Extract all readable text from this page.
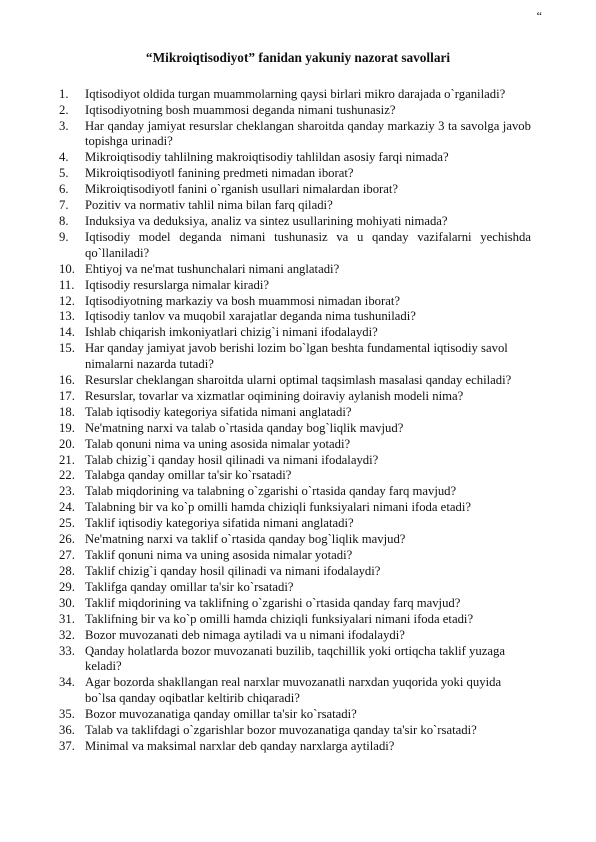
“
“Mikroiqtisodiyot” fanidan yakuniy nazorat savollari
1.	Iqtisodiyot oldida turgan muammolarning qaysi birlari mikro darajada o`rganiladi?
2.	Iqtisodiyotning bosh muammosi deganda nimani tushunasiz?
3.	Har qanday jamiyat resurslar cheklangan sharoitda qanday markaziy 3 ta savolga javob topishga urinadi?
4.	Mikroiqtisodiy tahlilning makroiqtisodiy tahlildan asosiy farqi nimada?
5.	Mikroiqtisodiyot‖ fanining predmeti nimadan iborat?
6.	Mikroiqtisodiyot‖ fanini o`rganish usullari nimalardan iborat?
7.	Pozitiv va normativ tahlil nima bilan farq qiladi?
8.	Induksiya va deduksiya, analiz va sintez usullarining mohiyati nimada?
9.	Iqtisodiy model deganda nimani tushunasiz va u qanday vazifalarni yechishda qo`llaniladi?
10. Ehtiyoj va ne'mat tushunchalari nimani anglatadi?
11. Iqtisodiy resurslarga nimalar kiradi?
12. Iqtisodiyotning markaziy va bosh muammosi nimadan iborat?
13. Iqtisodiy tanlov va muqobil xarajatlar deganda nima tushuniladi?
14. Ishlab chiqarish imkoniyatlari chizig`i nimani ifodalaydi?
15. Har qanday jamiyat javob berishi lozim bo`lgan beshta fundamental iqtisodiy savol nimalarni nazarda tutadi?
16. Resurslar cheklangan sharoitda ularni optimal taqsimlash masalasi qanday echiladi?
17. Resurslar, tovarlar va xizmatlar oqimining doiraviy aylanish modeli nima?
18. Talab iqtisodiy kategoriya sifatida nimani anglatadi?
19. Ne'matning narxi va talab o`rtasida qanday bog`liqlik mavjud?
20. Talab qonuni nima va uning asosida nimalar yotadi?
21. Talab chizig`i qanday hosil qilinadi va nimani ifodalaydi?
22. Talabga qanday omillar ta'sir ko`rsatadi?
23. Talab miqdorining va talabning o`zgarishi o`rtasida qanday farq mavjud?
24. Talabning bir va ko`p omilli hamda chiziqli funksiyalari nimani ifoda etadi?
25. Taklif iqtisodiy kategoriya sifatida nimani anglatadi?
26. Ne'matning narxi va taklif o`rtasida qanday bog`liqlik mavjud?
27. Taklif qonuni nima va uning asosida nimalar yotadi?
28. Taklif chizig`i qanday hosil qilinadi va nimani ifodalaydi?
29. Taklifga qanday omillar ta'sir ko`rsatadi?
30. Taklif miqdorining va taklifning o`zgarishi o`rtasida qanday farq mavjud?
31. Taklifning bir va ko`p omilli hamda chiziqli funksiyalari nimani ifoda etadi?
32. Bozor muvozanati deb nimaga aytiladi va u nimani ifodalaydi?
33. Qanday holatlarda bozor muvozanati buzilib, taqchillik yoki ortiqcha taklif yuzaga keladi?
34. Agar bozorda shakllangan real narxlar muvozanatli narxdan yuqorida yoki quyida bo`lsa qanday oqibatlar keltirib chiqaradi?
35. Bozor muvozanatiga qanday omillar ta'sir ko`rsatadi?
36. Talab va taklifdagi o`zgarishlar bozor muvozanatiga qanday ta'sir ko`rsatadi?
37. Minimal va maksimal narxlar deb qanday narxlarga aytiladi?
